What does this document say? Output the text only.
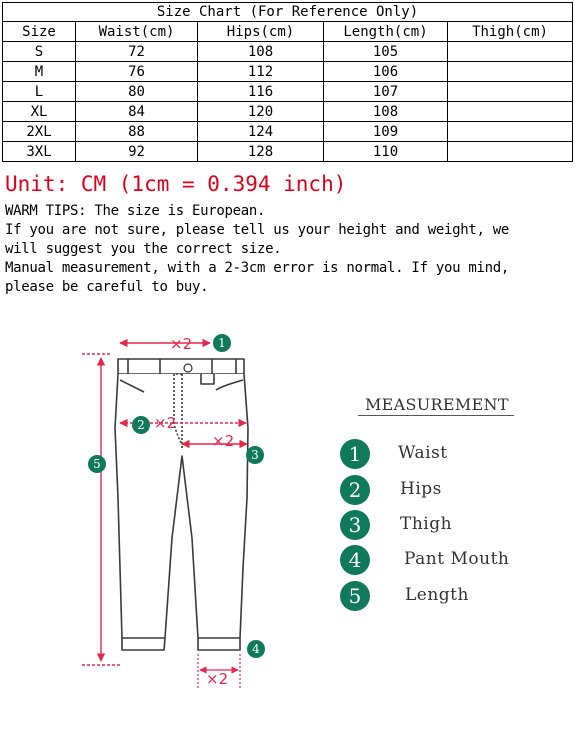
Size Chart (For Reference Only)				
Size	Waist(cm)	Hips(cm)	Length(cm)	Thigh(cm)
S	72	108	105	
M	76	112	106	
L	80	116	107	
XL	84	120	108	
2XL	88	124	109	
3XL	92	128	110	
Unit: CM (1cm = 0.394 inch)
WARM TIPS: The size is European.
If you are not sure, please tell us your height and weight, we
will suggest you the correct size.
Manual measurement, with a 2-3cm error is normal. If you mind,
please be careful to buy.
×2
×2
×2
×2
1
2
3
4
5
MEASUREMENT
1	Waist
2	Hips
3	Thigh
4	Pant Mouth
5	Length
